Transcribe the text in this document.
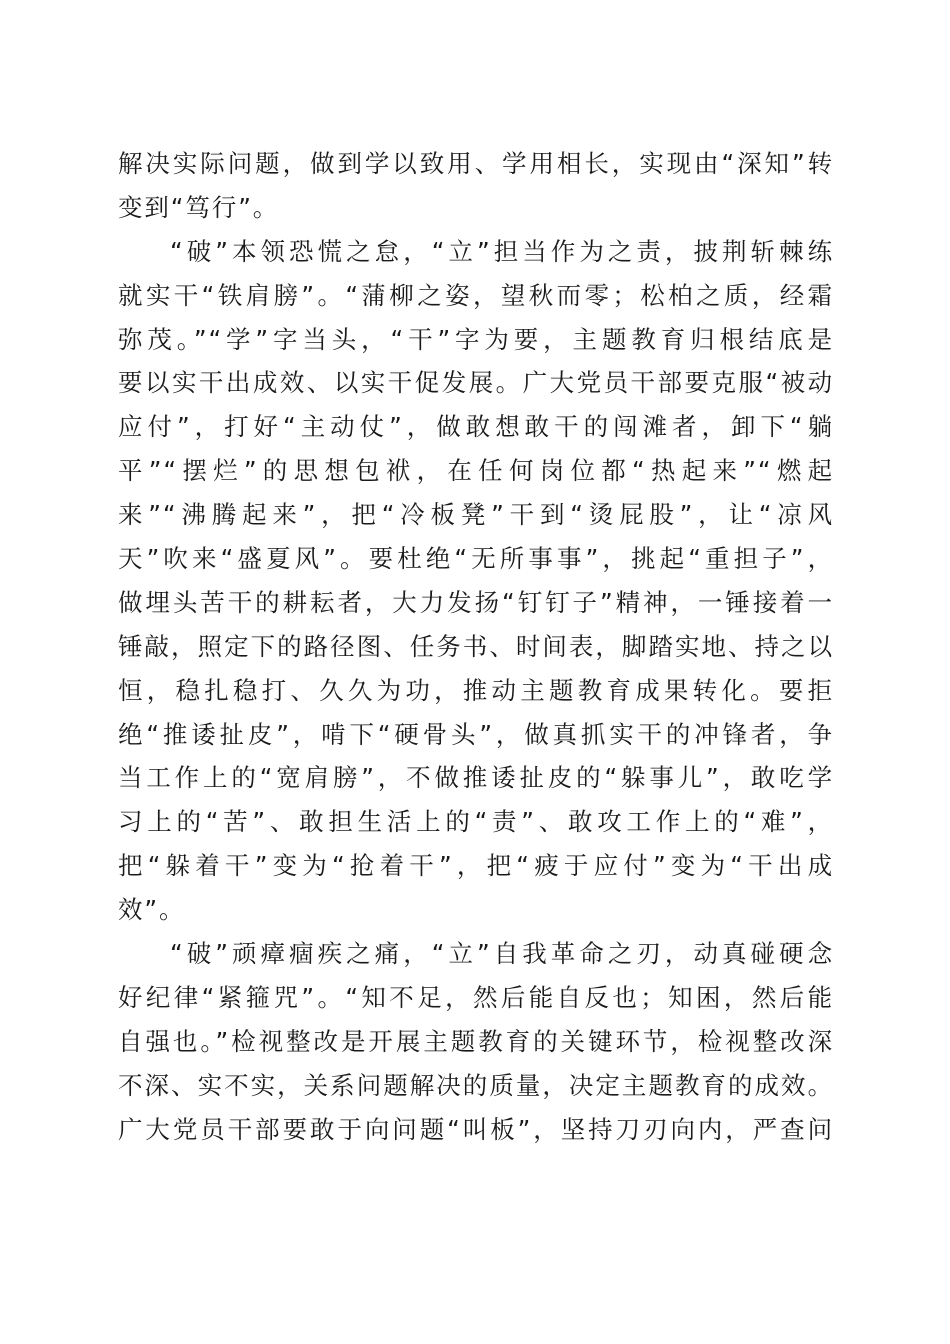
解决实际问题，做到学以致用、学用相长，实现由“深知”转
变到“笃行”。
“破”本领恐慌之怠，“立”担当作为之责，披荆斩棘练
就实干“铁肩膀”。“蒲柳之姿，望秋而零；松柏之质，经霜
弥茂。”“学”字当头，“干”字为要，主题教育归根结底是
要以实干出成效、以实干促发展。广大党员干部要克服“被动
应付”，打好“主动仗”，做敢想敢干的闯滩者，卸下“躺
平”“摆烂”的思想包袱，在任何岗位都“热起来”“燃起
来”“沸腾起来”，把“冷板凳”干到“烫屁股”，让“凉风
天”吹来“盛夏风”。要杜绝“无所事事”，挑起“重担子”，
做埋头苦干的耕耘者，大力发扬“钉钉子”精神，一锤接着一
锤敲，照定下的路径图、任务书、时间表，脚踏实地、持之以
恒，稳扎稳打、久久为功，推动主题教育成果转化。要拒
绝“推诿扯皮”，啃下“硬骨头”，做真抓实干的冲锋者，争
当工作上的“宽肩膀”，不做推诿扯皮的“躲事儿”，敢吃学
习上的“苦”、敢担生活上的“责”、敢攻工作上的“难”，
把“躲着干”变为“抢着干”，把“疲于应付”变为“干出成
效”。
“破”顽瘴痼疾之痛，“立”自我革命之刃，动真碰硬念
好纪律“紧箍咒”。“知不足，然后能自反也；知困，然后能
自强也。”检视整改是开展主题教育的关键环节，检视整改深
不深、实不实，关系问题解决的质量，决定主题教育的成效。
广大党员干部要敢于向问题“叫板”，坚持刀刃向内，严查问
